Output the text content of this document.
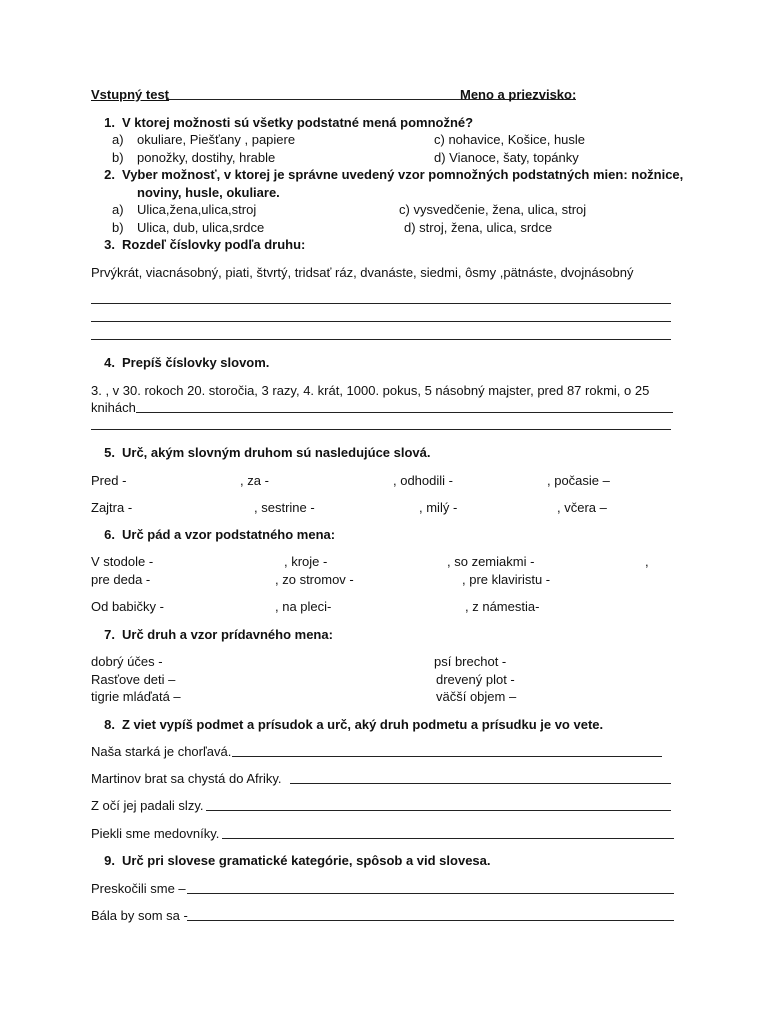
Vstupný test	Meno a priezvisko:
1. V ktorej možnosti sú všetky podstatné mená pomnožné?
a) okuliare, Piešťany , papiere	c) nohavice, Košice, husle
b) ponožky, dostihy, hrable	d) Vianoce, šaty, topánky
2. Vyber možnosť, v ktorej je správne uvedený vzor pomnožných podstatných mien: nožnice,
noviny, husle, okuliare.
a) Ulica,žena,ulica,stroj	c) vysvedčenie, žena, ulica, stroj
b) Ulica, dub, ulica,srdce	d) stroj, žena, ulica, srdce
3. Rozdeľ číslovky podľa druhu:
Prvýkrát, viacnásobný, piati, štvrtý, tridsať ráz, dvanáste, siedmi, ôsmy ,pätnáste, dvojnásobný
4. Prepíš číslovky slovom.
3. , v 30. rokoch 20. storočia, 3 razy, 4. krát, 1000. pokus, 5 násobný majster, pred 87 rokmi, o 25
knihách
5. Urč, akým slovným druhom sú nasledujúce slová.
Pred -	, za -	, odhodili -	, počasie –
Zajtra -	, sestrine -	, milý -	, včera –
6. Urč pád a vzor podstatného mena:
V stodole -	, kroje -	, so zemiakmi -	,
pre deda -	, zo stromov -	, pre klaviristu -
Od babičky -	, na pleci-	, z námestia-
7. Urč druh a vzor prídavného mena:
dobrý účes -	psí brechot -
Rasťove deti –	drevený plot -
tigrie mláďatá –	väčší objem –
8. Z viet vypíš podmet a prísudok a urč, aký druh podmetu a prísudku je vo vete.
Naša starká je chorľavá.
Martinov brat sa chystá do Afriky.
Z očí jej padali slzy.
Piekli sme medovníky.
9. Urč pri slovese gramatické kategórie, spôsob a vid slovesa.
Preskočili sme –
Bála by som sa -
